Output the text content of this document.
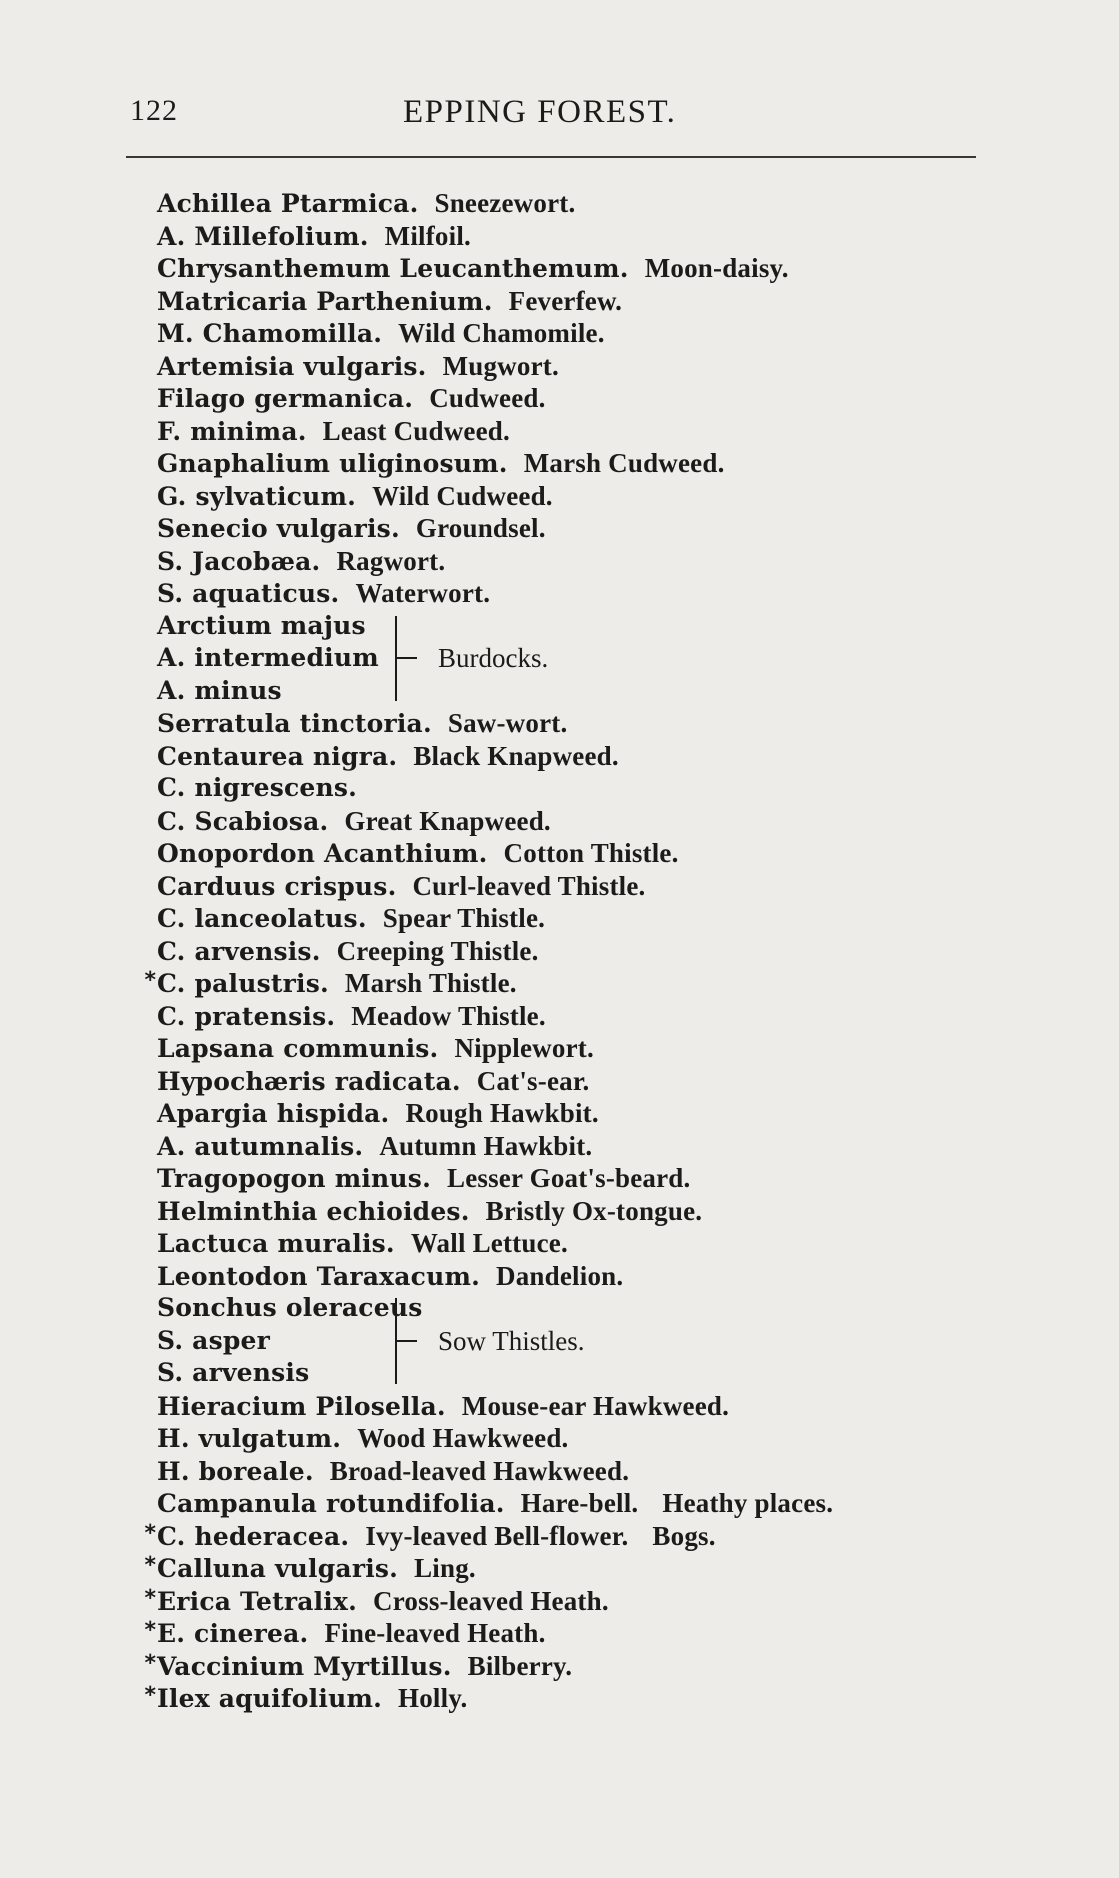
122	EPPING FOREST.
Achillea Ptarmica. Sneezewort.
A. Millefolium. Milfoil.
Chrysanthemum Leucanthemum. Moon-daisy.
Matricaria Parthenium. Feverfew.
M. Chamomilla. Wild Chamomile.
Artemisia vulgaris. Mugwort.
Filago germanica. Cudweed.
F. minima. Least Cudweed.
Gnaphalium uliginosum. Marsh Cudweed.
G. sylvaticum. Wild Cudweed.
Senecio vulgaris. Groundsel.
S. Jacobæa. Ragwort.
S. aquaticus. Waterwort.
Arctium majus
A. intermedium
A. minus
Burdocks.
Serratula tinctoria. Saw-wort.
Centaurea nigra. Black Knapweed.
C. nigrescens.
C. Scabiosa. Great Knapweed.
Onopordon Acanthium. Cotton Thistle.
Carduus crispus. Curl-leaved Thistle.
C. lanceolatus. Spear Thistle.
C. arvensis. Creeping Thistle.
* C. palustris. Marsh Thistle.
C. pratensis. Meadow Thistle.
Lapsana communis. Nipplewort.
Hypochæris radicata. Cat's-ear.
Apargia hispida. Rough Hawkbit.
A. autumnalis. Autumn Hawkbit.
Tragopogon minus. Lesser Goat's-beard.
Helminthia echioides. Bristly Ox-tongue.
Lactuca muralis. Wall Lettuce.
Leontodon Taraxacum. Dandelion.
Sonchus oleraceus
S. asper
S. arvensis
Sow Thistles.
Hieracium Pilosella. Mouse-ear Hawkweed.
H. vulgatum. Wood Hawkweed.
H. boreale. Broad-leaved Hawkweed.
Campanula rotundifolia. Hare-bell. Heathy places.
* C. hederacea. Ivy-leaved Bell-flower. Bogs.
* Calluna vulgaris. Ling.
* Erica Tetralix. Cross-leaved Heath.
* E. cinerea. Fine-leaved Heath.
* Vaccinium Myrtillus. Bilberry.
* Ilex aquifolium. Holly.
